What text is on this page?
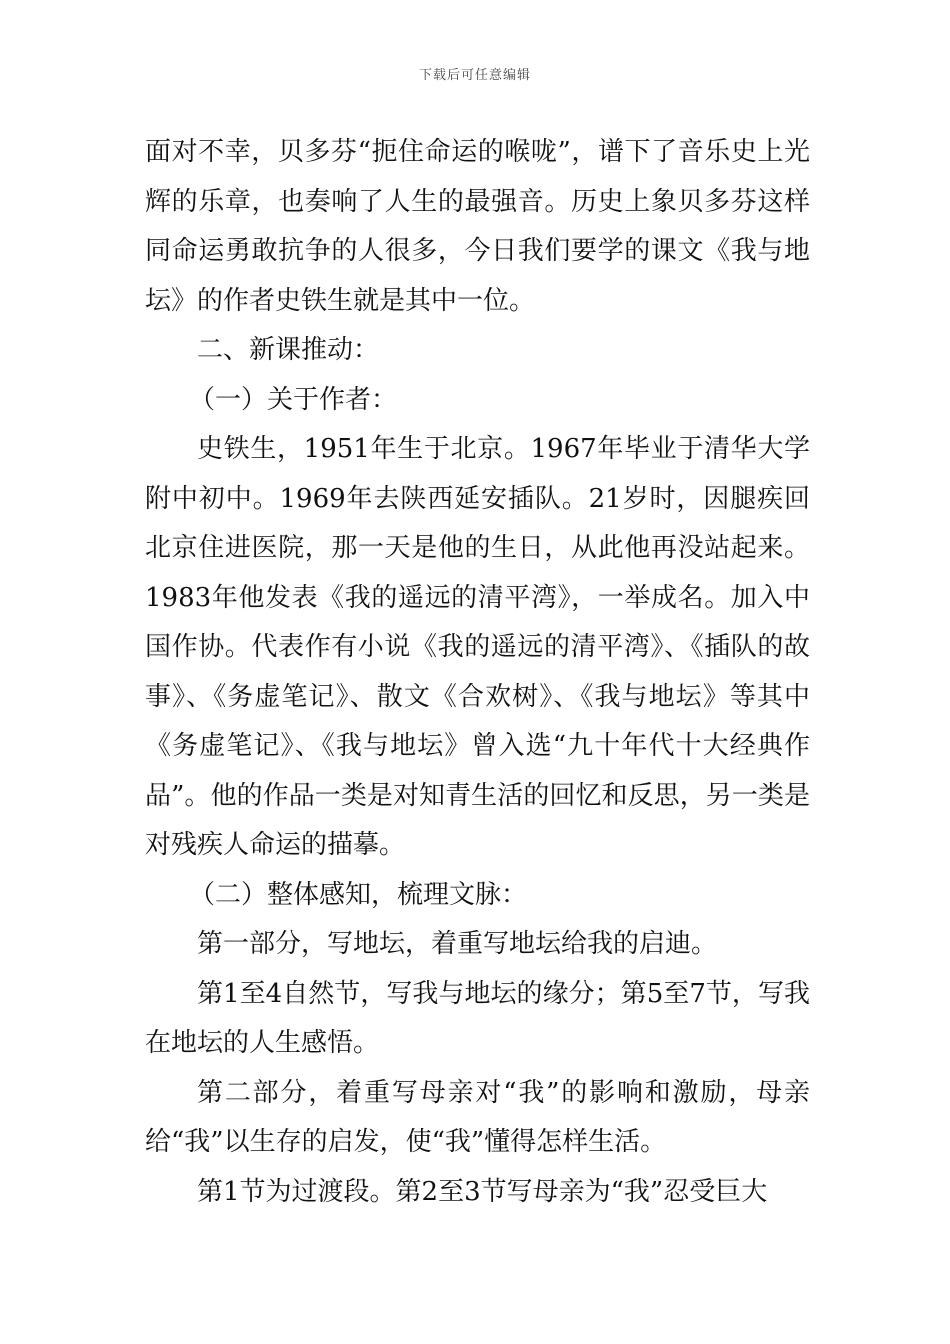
下载后可任意编辑

面对不幸，贝多芬“扼住命运的喉咙”，谱下了音乐史上光辉的乐章，也奏响了人生的最强音。历史上象贝多芬这样同命运勇敢抗争的人很多，今日我们要学的课文《我与地坛》的作者史铁生就是其中一位。

二、新课推动：

（一）关于作者：

史铁生，1951年生于北京。1967年毕业于清华大学附中初中。1969年去陕西延安插队。21岁时，因腿疾回北京住进医院，那一天是他的生日，从此他再没站起来。1983年他发表《我的遥远的清平湾》，一举成名。加入中国作协。代表作有小说《我的遥远的清平湾》、《插队的故事》、《务虚笔记》、散文《合欢树》、《我与地坛》等其中《务虚笔记》、《我与地坛》曾入选“九十年代十大经典作品”。他的作品一类是对知青生活的回忆和反思，另一类是对残疾人命运的描摹。

（二）整体感知，梳理文脉：

第一部分，写地坛，着重写地坛给我的启迪。

第1至4自然节，写我与地坛的缘分；第5至7节，写我在地坛的人生感悟。

第二部分，着重写母亲对“我”的影响和激励，母亲给“我”以生存的启发，使“我”懂得怎样生活。

第1节为过渡段。第2至3节写母亲为“我”忍受巨大
